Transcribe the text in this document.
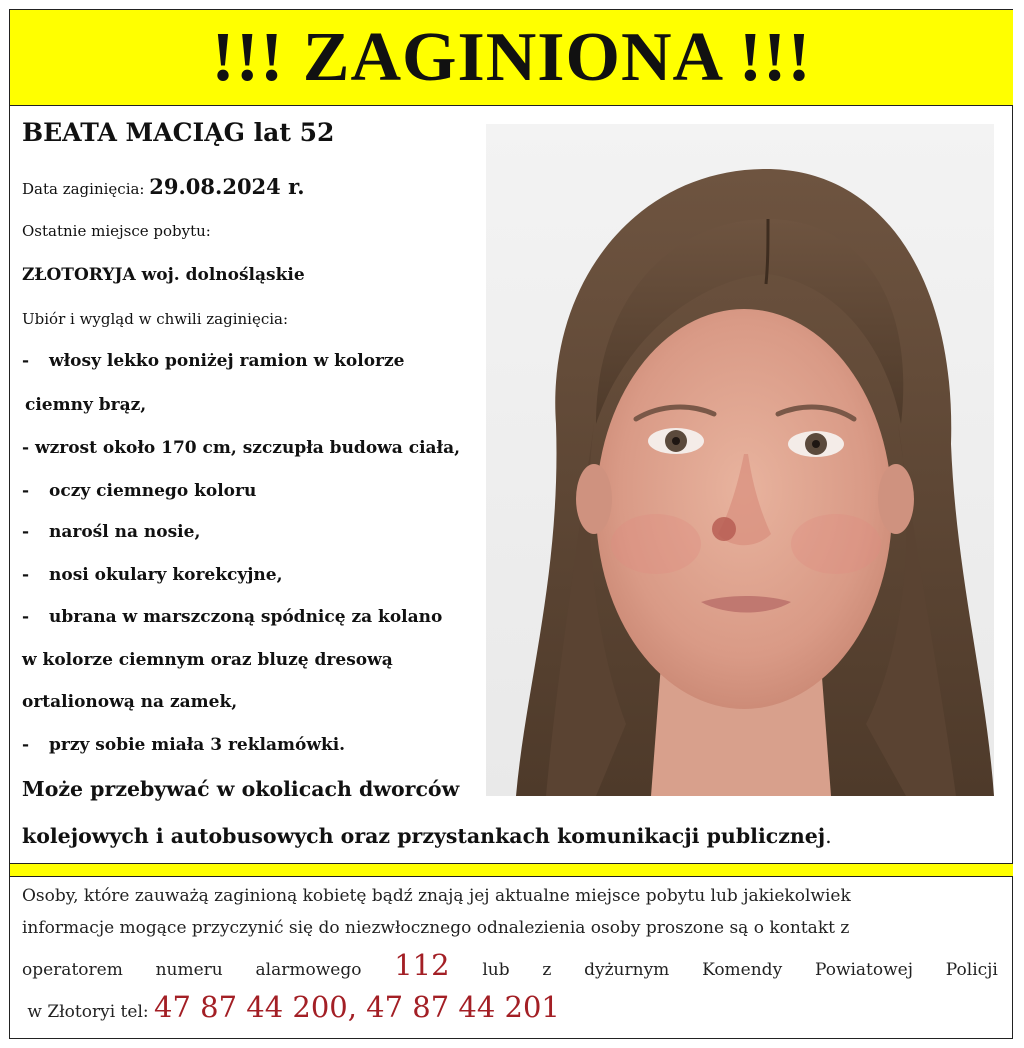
!!! ZAGINIONA !!!
BEATA MACIĄG lat 52
Data zaginięcia: 29.08.2024 r.
Ostatnie miejsce pobytu:
ZŁOTORYJA woj. dolnośląskie
Ubiór i wygląd w chwili zaginięcia:
- włosy lekko poniżej ramion w kolorze
ciemny brąz,
- wzrost około 170 cm, szczupła budowa ciała,
- oczy ciemnego koloru
- narośl na nosie,
- nosi okulary korekcyjne,
- ubrana w marszczoną spódnicę za kolano
w kolorze ciemnym oraz bluzę dresową
ortalionową na zamek,
- przy sobie miała 3 reklamówki.
Może przebywać w okolicach dworców
kolejowych i autobusowych oraz przystankach komunikacji publicznej.
Osoby, które zauważą zaginioną kobietę bądź znają jej aktualne miejsce pobytu lub jakiekolwiek
informacje mogące przyczynić się do niezwłocznego odnalezienia osoby proszone są o kontakt z
operatorem numeru alarmowego 112 lub z dyżurnym Komendy Powiatowej Policji
w Złotoryi tel: 47 87 44 200, 47 87 44 201
